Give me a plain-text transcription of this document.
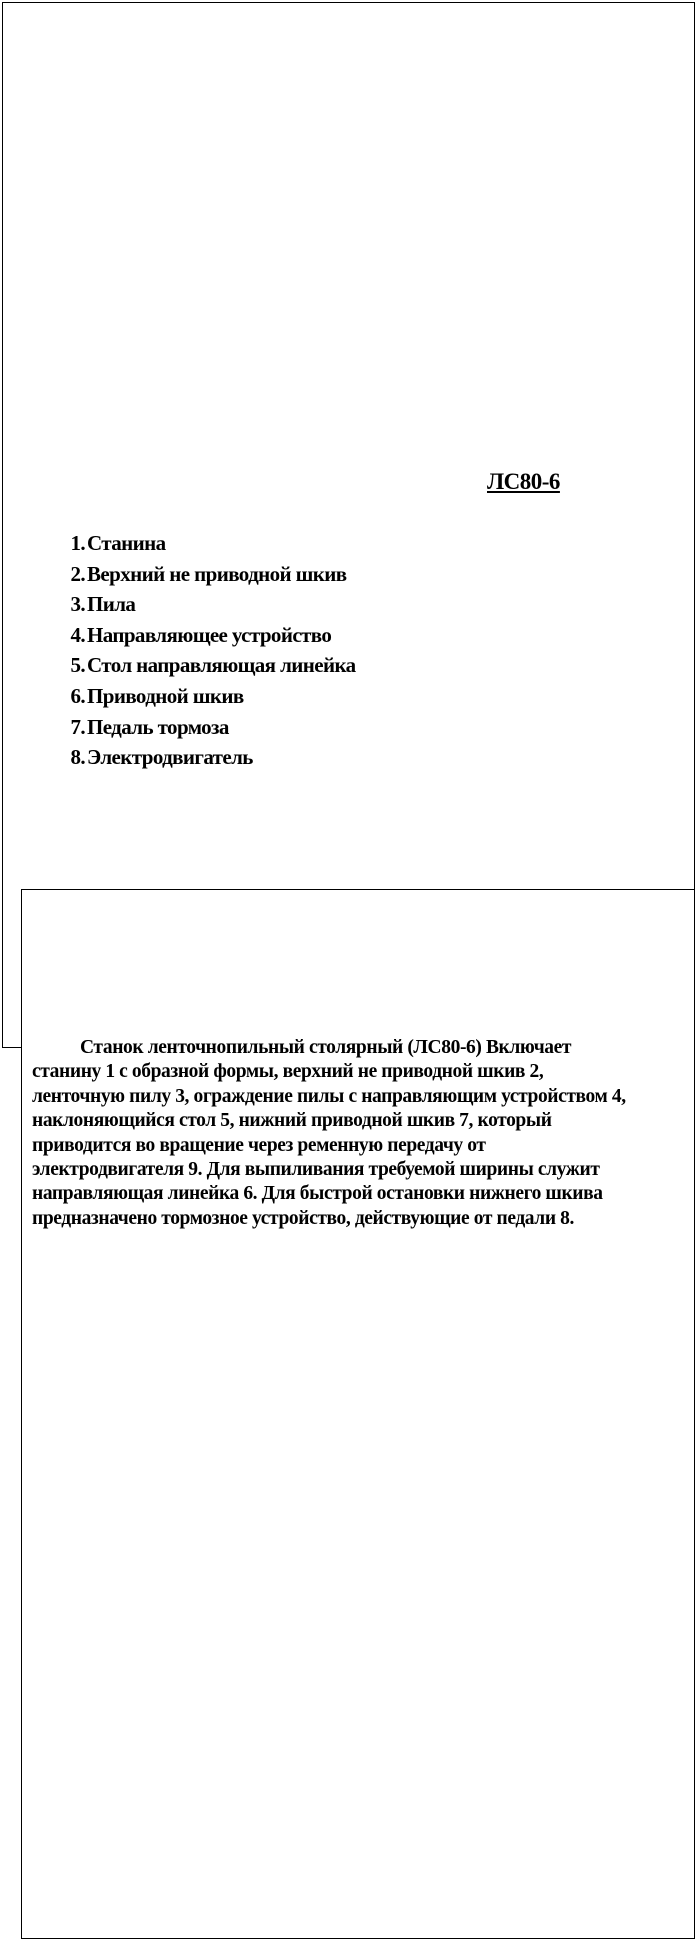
ЛС80-6
1. Станина
2. Верхний не приводной шкив
3. Пила
4. Направляющее устройство
5. Стол направляющая линейка
6. Приводной шкив
7. Педаль тормоза
8. Электродвигатель

Станок ленточнопильный столярный (ЛС80-6) Включает станину 1 с образной формы, верхний не приводной шкив 2, ленточную пилу 3, ограждение пилы с направляющим устройством 4, наклоняющийся стол 5, нижний приводной шкив 7, который приводится во вращение через ременную передачу от электродвигателя 9. Для выпиливания требуемой ширины служит направляющая линейка 6. Для быстрой остановки нижнего шкива предназначено тормозное устройство, действующие от педали 8.
